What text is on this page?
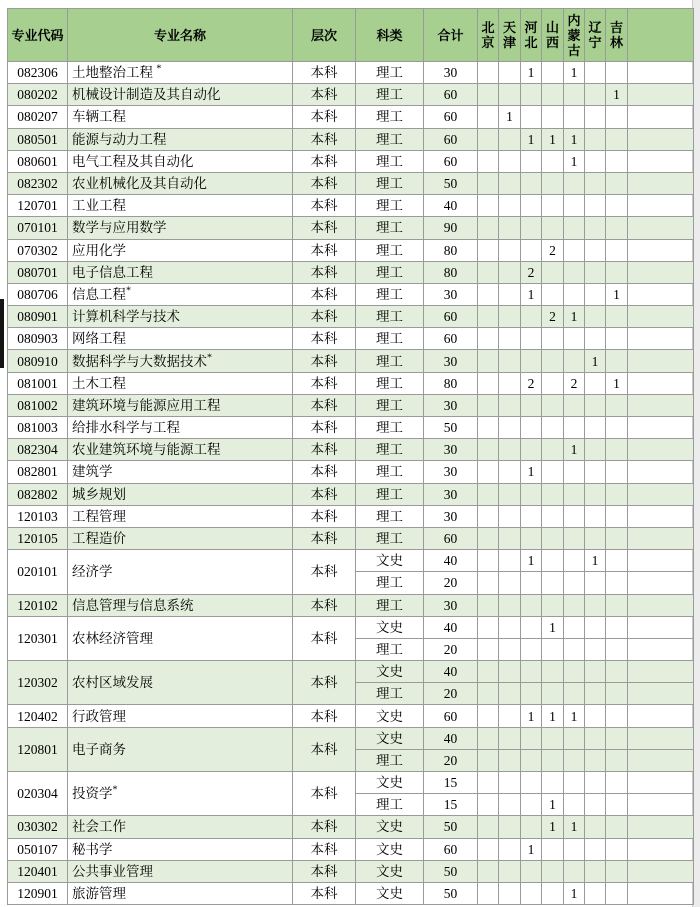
专业代码	专业名称	层次	科类	合计	北京	天津	河北	山西	内蒙古	辽宁	吉林	
082306	土地整治工程 *	本科	理工	30			1		1			
080202	机械设计制造及其自动化	本科	理工	60							1	
080207	车辆工程	本科	理工	60		1						
080501	能源与动力工程	本科	理工	60			1	1	1			
080601	电气工程及其自动化	本科	理工	60					1			
082302	农业机械化及其自动化	本科	理工	50								
120701	工业工程	本科	理工	40								
070101	数学与应用数学	本科	理工	90								
070302	应用化学	本科	理工	80				2				
080701	电子信息工程	本科	理工	80			2					
080706	信息工程*	本科	理工	30			1				1	
080901	计算机科学与技术	本科	理工	60				2	1			
080903	网络工程	本科	理工	60								
080910	数据科学与大数据技术*	本科	理工	30						1		
081001	土木工程	本科	理工	80			2		2		1	
081002	建筑环境与能源应用工程	本科	理工	30								
081003	给排水科学与工程	本科	理工	50								
082304	农业建筑环境与能源工程	本科	理工	30					1			
082801	建筑学	本科	理工	30			1					
082802	城乡规划	本科	理工	30								
120103	工程管理	本科	理工	30								
120105	工程造价	本科	理工	60								
020101	经济学	本科	文史	40			1			1		
			理工	20								
120102	信息管理与信息系统	本科	理工	30								
120301	农林经济管理	本科	文史	40				1				
			理工	20								
120302	农村区域发展	本科	文史	40								
			理工	20								
120402	行政管理	本科	文史	60			1	1	1			
120801	电子商务	本科	文史	40								
			理工	20								
020304	投资学*	本科	文史	15								
			理工	15				1				
030302	社会工作	本科	文史	50				1	1			
050107	秘书学	本科	文史	60			1					
120401	公共事业管理	本科	文史	50								
120901	旅游管理	本科	文史	50					1			
